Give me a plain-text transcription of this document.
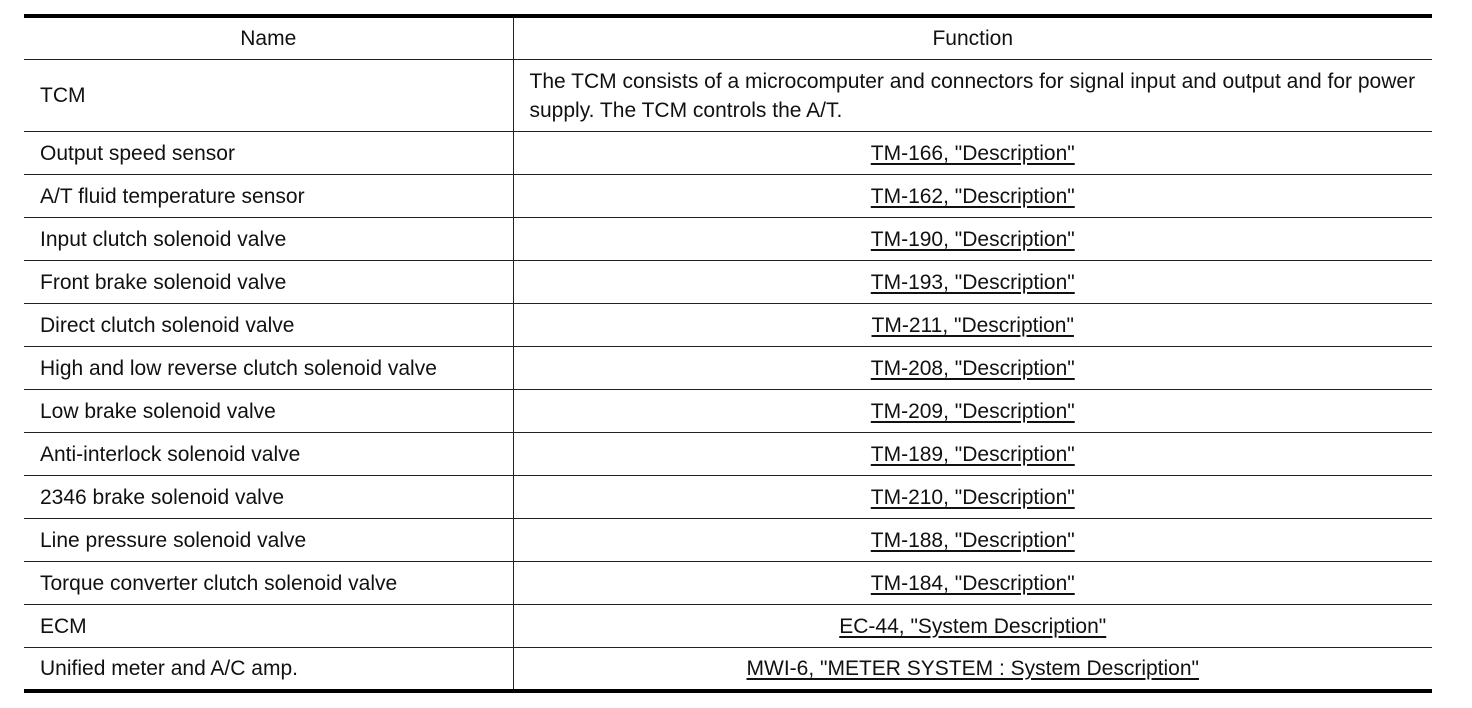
Name	Function
TCM	The TCM consists of a microcomputer and connectors for signal input and output and for power supply. The TCM controls the A/T.
Output speed sensor	TM-166, "Description"
A/T fluid temperature sensor	TM-162, "Description"
Input clutch solenoid valve	TM-190, "Description"
Front brake solenoid valve	TM-193, "Description"
Direct clutch solenoid valve	TM-211, "Description"
High and low reverse clutch solenoid valve	TM-208, "Description"
Low brake solenoid valve	TM-209, "Description"
Anti-interlock solenoid valve	TM-189, "Description"
2346 brake solenoid valve	TM-210, "Description"
Line pressure solenoid valve	TM-188, "Description"
Torque converter clutch solenoid valve	TM-184, "Description"
ECM	EC-44, "System Description"
Unified meter and A/C amp.	MWI-6, "METER SYSTEM : System Description"
